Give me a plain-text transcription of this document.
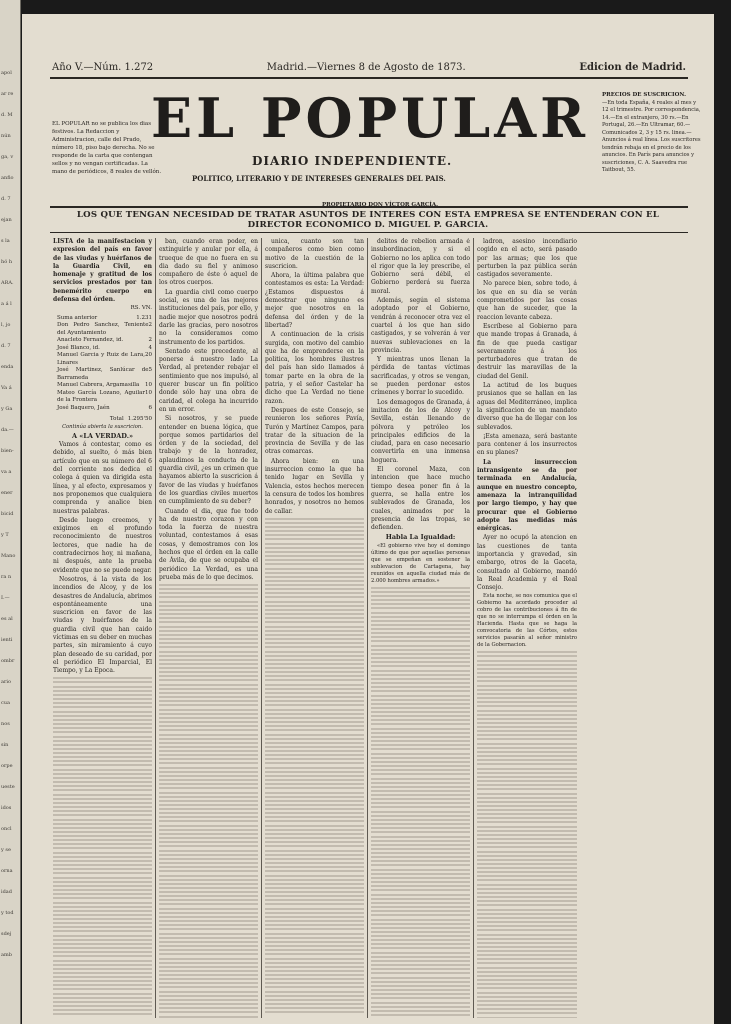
apol
ar re
d. M
nún
ga, v
anfio
d. 7
ejan
s la
hó h
ARA.
a á l
l, jo
d. 7
enda
Va á
y Ga
da.—
bien-
va a
ener
bicid
y T
Mano
ra n
I.—
es al
ienti
ombr
ario
cua
nos
sin
orpe
ueste
idos
oncl
y se
orna
idad
y tod
sdej
amb
Año V.—Núm. 1.272	Madrid.—Viernes 8 de Agosto de 1873.	Edicion de Madrid.
EL POPULAR no se publica los dias festivos. La Redaccion y Administracion, calle del Prado, número 18, piso bajo derecha. No se responde de la carta que contengan sellos y no vengan certificadas. La mano de periódicos, 8 reales de vellón.
EL POPULAR
DIARIO INDEPENDIENTE.
POLITICO, LITERARIO Y DE INTERESES GENERALES DEL PAIS.
PROPIETARIO DON VÍCTOR GARCÍA.
PRECIOS DE SUSCRICION.
—En toda España, 4 reales al mes y 12 el trimestre. Por correspondencia, 14.—En el extranjero, 30 rs.—En Portugal, 26.—En Ultramar, 60.—Comunicados 2, 3 y 15 rs. linea.—Anuncios á real línea. Los suscritores tendrán rebaja en el precio de los anuncios. En París para anuncios y suscriciones, C. A. Saavedra rue Taitbout, 55.
LOS QUE TENGAN NECESIDAD DE TRATAR ASUNTOS DE INTERES CON ESTA EMPRESA SE ENTENDERAN CON EL DIRECTOR ECONOMICO D. MIGUEL P. GARCIA.

LISTA de la manifestacion y expresion del país en favor de las viudas y huérfanos de la Guardia Civil, en homenaje y gratitud de los servicios prestados por tan benemérito cuerpo en defensa del órden.

RS. VN.
Suma anterior	1.231
Don Pedro Sanchez, Teniente del Ayuntamiento
2
Anacleto Fernandez, id.	2
José Blanco, id.	4
Manuel Garcia y Ruiz de Lara, Linares
20
José Martinez, Sanlúcar de Barrameda
5
Manuel Cabrera, Argamasilla	10
Mateo García Lozano, Aguilar de la Frontera
10
José Baquero, Jaén	6
Total 1.295'50

Continúa abierta la suscricion.

A «LA VERDAD.»

Vamos á contestar, como es debido, al suelto, ó más bien artículo que en su número del 6 del corriente nos dedica el colega á quien va dirigida esta línea, y al efecto, expresamos y nos proponemos que cualquiera comprenda y analice bien nuestras palabras.

Desde luego creemos, y exigimos en el profundo reconocimiento de nuestros lectores, que nadie ha de contradecirnos hoy, ni mañana, ni después, ante la prueba evidente que no se puede negar.

Nosotros, á la vista de los incendios de Alcoy, y de los desastres de Andalucía, abrimos espontáneamente una suscricion en favor de las viudas y huérfanos de la guardia civil que han caido víctimas en su deber en muchas partes, sin miramiento á cuyo plan deseado de su caridad, por el periódico El Imparcial, El Tiempo, y La Epoca.

ban, cuando eran poder, en extinguirle y anular por ella, á trueque de que no fuera en su dia dado su fiel y animoso compañero de éste ó aquel de los otros cuerpos.

La guardia civil como cuerpo social, es una de las mejores instituciones del país, por ello, y nadie mejor que nosotros podrá darle las gracias, pero nosotros no la consideramos como instrumento de los partidos.

Sentado este precedente, al ponerse á nuestro lado La Verdad, al pretender rebajar el sentimiento que nos impulsó, al querer buscar un fin político donde sólo hay una obra de caridad, el colega ha incurrido en un error.

Si nosotros, y se puede entender en buena lógica, que porque somos partidarios del órden y de la sociedad, del trabajo y de la honradez, aplaudimos la conducta de la guardia civil, ¿es un crimen que hayamos abierto la suscricion á favor de las viudas y huérfanos de los guardias civiles muertos en cumplimiento de su deber?

Cuando el dia, que fue todo ha de nuestro corazon y con toda la fuerza de nuestra voluntad, contestamos á esas cosas, y demostramos con los hechos que el órden en la calle de Ávila, de que se ocupaba el periódico La Verdad, es una prueba más de lo que decimos.

unica, cuanto son tan compañeros como bien como motivo de la cuestión de la suscricion.

Ahora, la última palabra que contestamos es esta: La Verdad: ¿Estamos dispuestos á demostrar que ninguno es mejor que nosotros en la defensa del órden y de la libertad?

A continuacion de la crisis surgida, con motivo del cambio que ha de emprenderse en la politica, los hombres ilustres del país han sido llamados á tomar parte en la obra de la patria, y el señor Castelar ha dicho que La Verdad no tiene razon.

Despues de este Consejo, se reunieron los señores Pavía, Turón y Martínez Campos, para tratar de la situacion de la provincia de Sevilla y de las otras comarcas.

Ahora bien: en una insurreccion como la que ha tenido lugar en Sevilla y Valencia, estos hechos merecen la censura de todos los hombres honrados, y nosotros no hemos de callar.

delitos de rebelion armada é insubordinacion, y si el Gobierno no los aplica con todo el rigor que la ley prescribe, el Gobierno será débil, el Gobierno perderá su fuerza moral.

Además, según el sistema adoptado por el Gobierno, vendrán á reconocer otra vez el cuartel á los que han sido castigados, y se volverán á ver nuevas sublevaciones en la provincia.

Y mientras unos llenan la pérdida de tantas víctimas sacrificadas, y otros se vengan, se pueden perdonar estos crímenes y borrar lo sucedido.

Los demagogos de Granada, á imitacion de los de Alcoy y Sevilla, están llenando de pólvora y petróleo los principales edificios de la ciudad, para en caso necesario convertirla en una inmensa hoguera.

El coronel Maza, con intencion que hace mucho tiempo desea poner fin á la guerra, se halla entre los sublevados de Granada, los cuales, animados por la presencia de las tropas, se defienden.

Habla La Igualdad:

«El gobierno vive hoy el domingo último de que por aquellas personas que se empeñan en sostener la sublevacion de Cartagena, hay reunidos en aquella ciudad más de 2.000 hombres armados.»

ladron, asesino incendiario cogido en el acto, será pasado por las armas; que los que perturben la paz pública serán castigados severamente.

No parece bien, sobre todo, á los que en su dia se verán comprometidos por las cosas que han de suceder, que la reaccion levante cabeza.

Escríbese al Gobierno para que mande tropas á Granada, á fin de que pueda castigar severamente á los perturbadores que tratan de destruir las maravillas de la ciudad del Genil.

La actitud de los buques prusianos que se hallan en las aguas del Mediterráneo, implica la significacion de un mandato diverso que ha de llegar con los sublevados.

¡Esta amenaza, será bastante para contener á los insurrectos en su planes?

La insurreccion intransigente se da por terminada en Andalucía, aunque en nuestro concepto, amenaza la intranquilidad por largo tiempo, y hay que procurar que el Gobierno adopte las medidas más enérgicas.

Ayer no ocupó la atencion en las cuestiones de tanta importancia y gravedad, sin embargo, otros de la Gaceta, consultado al Gobierno, mandó la Real Academia y el Real Consejo.

Esta noche, se nos comunica que el Gobierno ha acordado proceder al cobro de las contribuciones á fin de que no se interrumpa el órden en la Hacienda. Hasta que se haga la convocatoria de las Córtes, estos servicios pasarán al señor ministro de la Gobernacion.
